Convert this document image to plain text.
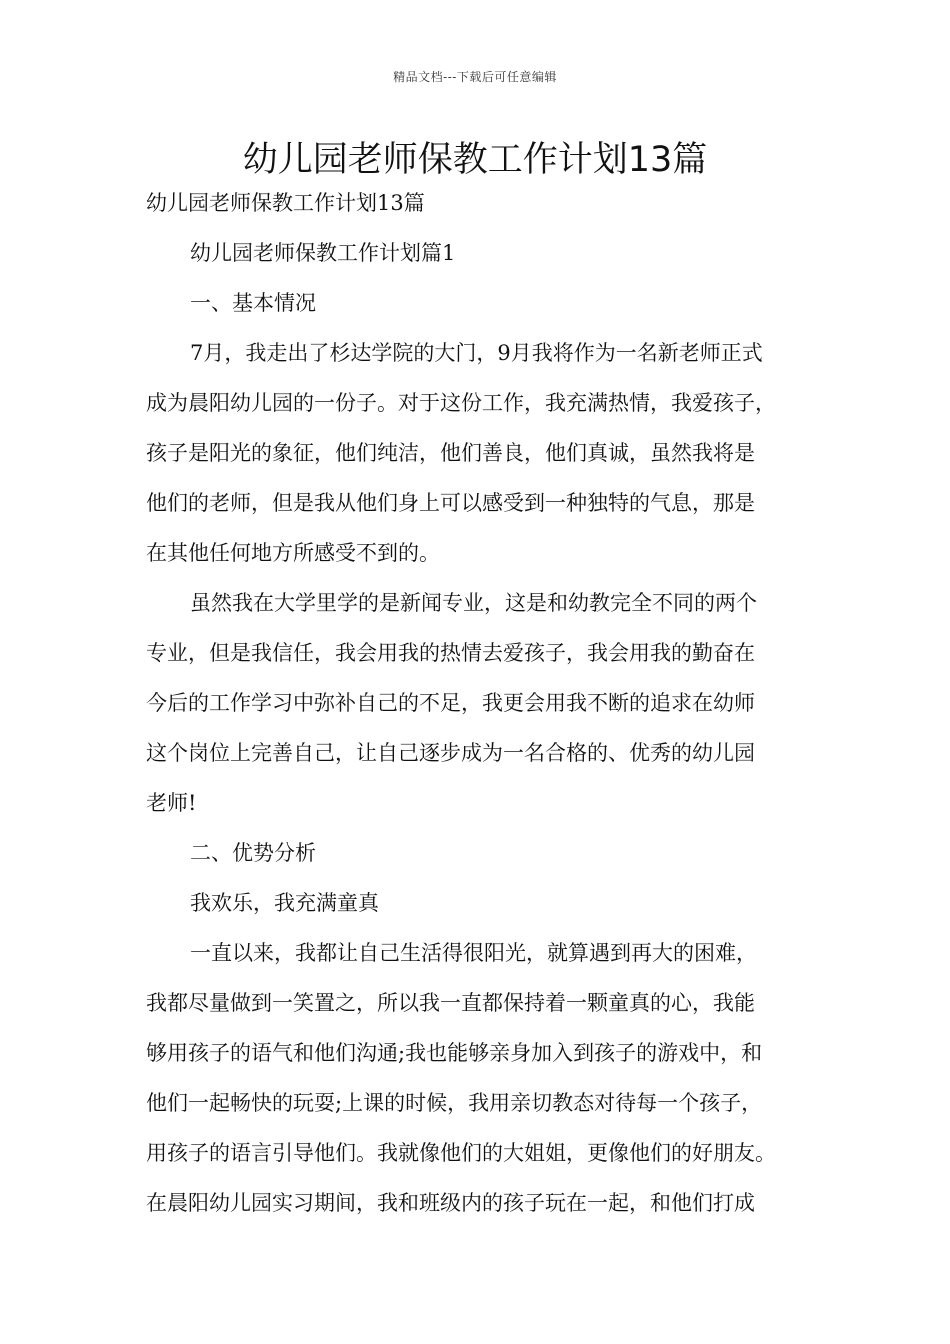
精品文档---下载后可任意编辑
幼儿园老师保教工作计划13篇

幼儿园老师保教工作计划13篇

幼儿园老师保教工作计划篇1

一、基本情况

7月，我走出了杉达学院的大门，9月我将作为一名新老师正式

成为晨阳幼儿园的一份子。对于这份工作，我充满热情，我爱孩子，

孩子是阳光的象征，他们纯洁，他们善良，他们真诚，虽然我将是

他们的老师，但是我从他们身上可以感受到一种独特的气息，那是

在其他任何地方所感受不到的。

虽然我在大学里学的是新闻专业，这是和幼教完全不同的两个

专业，但是我信任，我会用我的热情去爱孩子，我会用我的勤奋在

今后的工作学习中弥补自己的不足，我更会用我不断的追求在幼师

这个岗位上完善自己，让自己逐步成为一名合格的、优秀的幼儿园

老师!

二、优势分析

我欢乐，我充满童真

一直以来，我都让自己生活得很阳光，就算遇到再大的困难，

我都尽量做到一笑置之，所以我一直都保持着一颗童真的心，我能

够用孩子的语气和他们沟通;我也能够亲身加入到孩子的游戏中，和

他们一起畅快的玩耍;上课的时候，我用亲切教态对待每一个孩子，

用孩子的语言引导他们。我就像他们的大姐姐，更像他们的好朋友。

在晨阳幼儿园实习期间，我和班级内的孩子玩在一起，和他们打成
